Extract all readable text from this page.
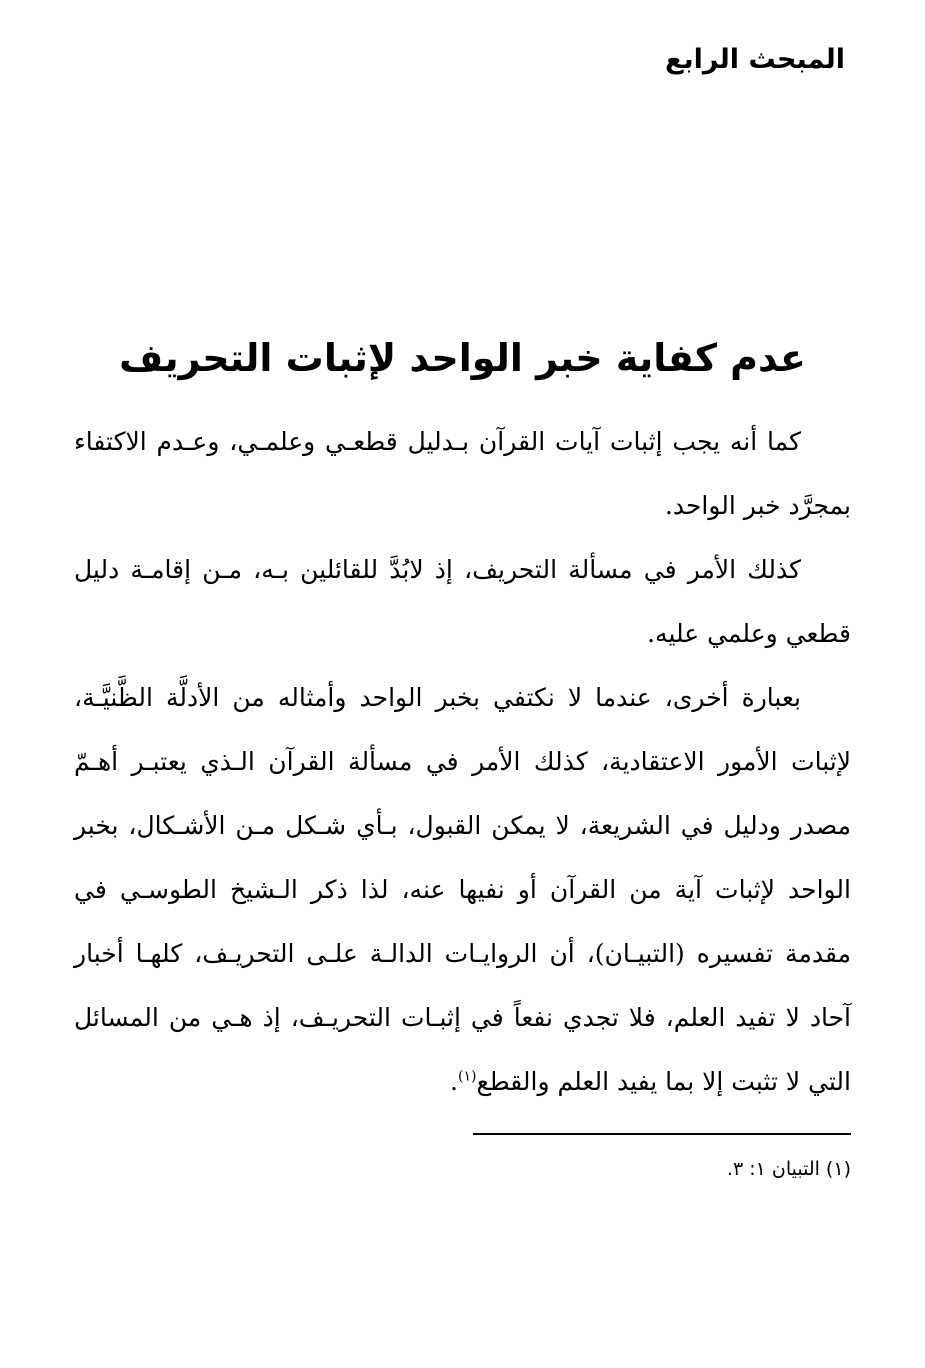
المبحث الرابع
عدم كفاية خبر الواحد لإثبات التحريف

كما أنه يجب إثبات آيات القرآن بـدليل قطعـي وعلمـي، وعـدم الاكتفاء بمجرَّد خبر الواحد.

كذلك الأمر في مسألة التحريف، إذ لابُدَّ للقائلين بـه، مـن إقامـة دليل قطعي وعلمي عليه.

بعبارة أخرى، عندما لا نكتفي بخبر الواحد وأمثاله من الأدلَّة الظَّنيَّـة، لإثبات الأمور الاعتقادية، كذلك الأمر في مسألة القرآن الـذي يعتبـر أهـمّ مصدر ودليل في الشريعة، لا يمكن القبول، بـأي شـكل مـن الأشـكال، بخبر الواحد لإثبات آية من القرآن أو نفيها عنه، لذا ذكر الـشيخ الطوسـي في مقدمة تفسيره (التبيـان)، أن الروايـات الدالـة علـى التحريـف، كلهـا أخبار آحاد لا تفيد العلم، فلا تجدي نفعاً في إثبـات التحريـف، إذ هـي من المسائل التي لا تثبت إلا بما يفيد العلم والقطع$^{(١)}$.

(١) التبيان ١: ٣.
